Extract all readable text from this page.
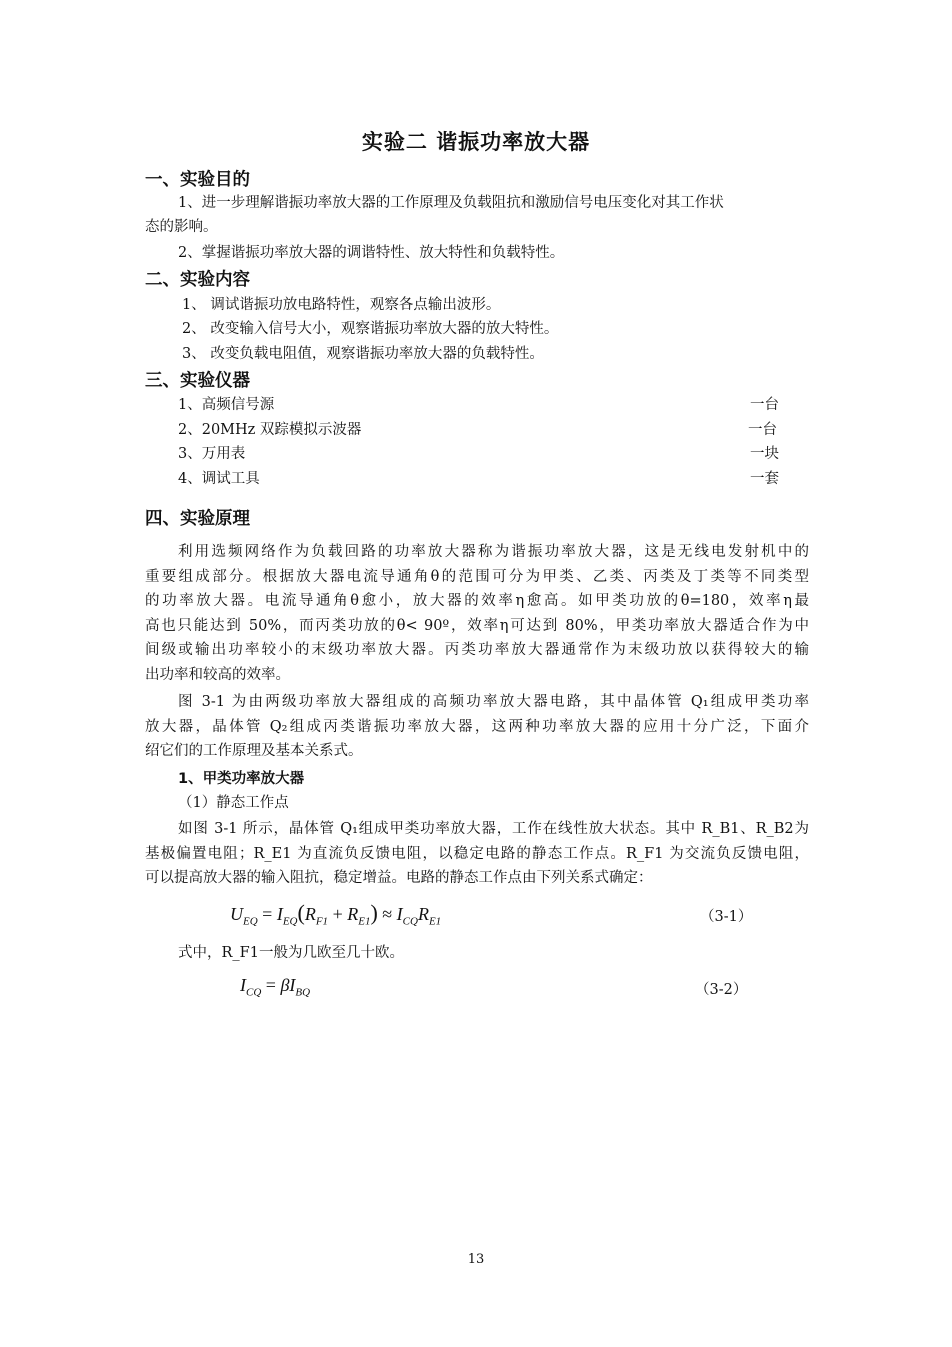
实验二 谐振功率放大器
一、实验目的
1、进一步理解谐振功率放大器的工作原理及负载阻抗和激励信号电压变化对其工作状
态的影响。
2、掌握谐振功率放大器的调谐特性、放大特性和负载特性。
二、实验内容
1、 调试谐振功放电路特性，观察各点输出波形。
2、 改变输入信号大小，观察谐振功率放大器的放大特性。
3、 改变负载电阻值，观察谐振功率放大器的负载特性。
三、实验仪器
1、高频信号源	一台
2、20MHz 双踪模拟示波器	一台
3、万用表	一块
4、调试工具	一套
四、实验原理
利用选频网络作为负载回路的功率放大器称为谐振功率放大器，这是无线电发射机中的
重要组成部分。根据放大器电流导通角θ的范围可分为甲类、乙类、丙类及丁类等不同类型
的功率放大器。电流导通角θ愈小，放大器的效率η愈高。如甲类功放的θ=180，效率η最
高也只能达到 50%，而丙类功放的θ< 90º，效率η可达到 80%，甲类功率放大器适合作为中
间级或输出功率较小的末级功率放大器。丙类功率放大器通常作为末级功放以获得较大的输
出功率和较高的效率。
图 3-1 为由两级功率放大器组成的高频功率放大器电路，其中晶体管 Q₁组成甲类功率
放大器，晶体管 Q₂组成丙类谐振功率放大器，这两种功率放大器的应用十分广泛，下面介
绍它们的工作原理及基本关系式。
1、甲类功率放大器
（1）静态工作点
如图 3-1 所示，晶体管 Q₁组成甲类功率放大器，工作在线性放大状态。其中 R_B1、R_B2为
基极偏置电阻；R_E1 为直流负反馈电阻，以稳定电路的静态工作点。R_F1 为交流负反馈电阻，
可以提高放大器的输入阻抗，稳定增益。电路的静态工作点由下列关系式确定：
$U_{EQ} = I_{EQ}(R_{F1} + R_{E1}) \approx I_{CQ}R_{E1}$	（3-1）
式中，R_F1一般为几欧至几十欧。
$I_{CQ} = \beta I_{BQ}$	（3-2）
13
